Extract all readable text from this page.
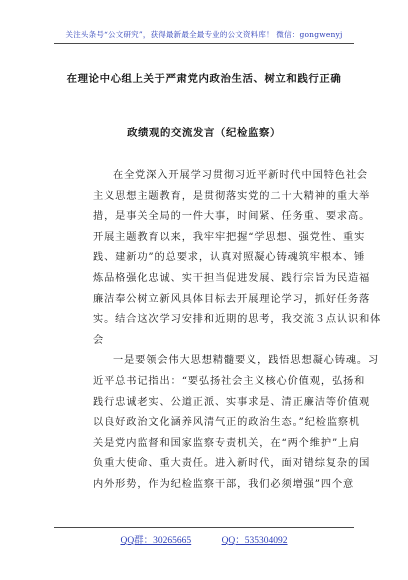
关注头条号“公文研究”，获得最新最全最专业的公文资料库！ 微信：gongwenyj
在理论中心组上关于严肃党内政治生活、树立和践行正确
政绩观的交流发言（纪检监察）
在全党深入开展学习贯彻习近平新时代中国特色社会
主义思想主题教育，是贯彻落实党的二十大精神的重大举
措，是事关全局的一件大事，时间紧、任务重、要求高。
开展主题教育以来，我牢牢把握“学思想、强党性、重实
践、建新功”的总要求，认真对照凝心铸魂筑牢根本、锤
炼品格强化忠诚、实干担当促进发展、践行宗旨为民造福
廉洁奉公树立新风具体目标去开展理论学习，抓好任务落
实。结合这次学习安排和近期的思考，我交流３点认识和体
会
一是要领会伟大思想精髓要义，践悟思想凝心铸魂。习
近平总书记指出：“要弘扬社会主义核心价值观，弘扬和
践行忠诚老实、公道正派、实事求是、清正廉洁等价值观
以良好政治文化涵养风清气正的政治生态。”纪检监察机
关是党内监督和国家监察专责机关，在“两个维护”上肩
负重大使命、重大责任。进入新时代，面对错综复杂的国
内外形势，作为纪检监察干部，我们必须增强”四个意
QQ群：30265665	QQ：535304092
